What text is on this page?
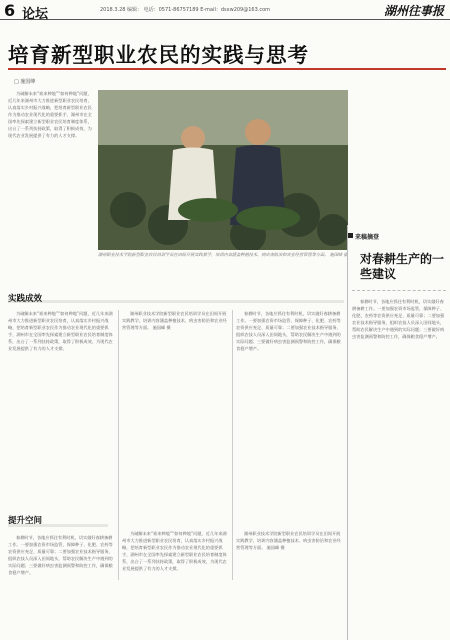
6 论坛	2018.3.28 编辑： 电话：0571-86757189 E-mail：dsxw209@163.com	湖州往事报
培育新型职业农民的实践与思考
□ 施国峰
为破解未来“谁来种地”“如何种地”问题，近几年来湖州市大力推进新型职业农民培育，认真落实乡村振兴战略，把培育新型职业农民作为推动农业现代化的重要抓手，湖州市在全国率先探索建立新型职业农民培育制度体系，出台了一系列扶持政策，取得了积极成效，为现代农业发展提供了有力的人才支撑。
湖州职业技术学院新型职业农民培训学员在田间开展实践教学，培训内容涵盖种植技术、病虫害防治和农业经营管理等方面。 施国峰 摄
实践成效
为破解未来“谁来种地”“如何种地”问题，近几年来湖州市大力推进新型职业农民培育，认真落实乡村振兴战略，把培育新型职业农民作为推动农业现代化的重要抓手，湖州市在全国率先探索建立新型职业农民培育制度体系，出台了一系列扶持政策，取得了积极成效，为现代农业发展提供了有力的人才支撑。
湖州职业技术学院新型职业农民培训学员在田间开展实践教学，培训内容涵盖种植技术、病虫害防治和农业经营管理等方面。 施国峰 摄
春耕时节，各地应抓住有利时机，切实做好春耕备耕工作。一要加强农资市场监管，保障种子、化肥、农药等农资供应充足、质量可靠；二要加强农业技术指导服务，组织农技人员深入田间地头，帮助农民解决生产中遇到的实际问题；三要做好病虫害监测预警和防控工作，确保粮食稳产增产。
提升空间
春耕时节，各地应抓住有利时机，切实做好春耕备耕工作。一要加强农资市场监管，保障种子、化肥、农药等农资供应充足、质量可靠；二要加强农业技术指导服务，组织农技人员深入田间地头，帮助农民解决生产中遇到的实际问题；三要做好病虫害监测预警和防控工作，确保粮食稳产增产。
为破解未来“谁来种地”“如何种地”问题，近几年来湖州市大力推进新型职业农民培育，认真落实乡村振兴战略，把培育新型职业农民作为推动农业现代化的重要抓手，湖州市在全国率先探索建立新型职业农民培育制度体系，出台了一系列扶持政策，取得了积极成效，为现代农业发展提供了有力的人才支撑。
湖州职业技术学院新型职业农民培训学员在田间开展实践教学，培训内容涵盖种植技术、病虫害防治和农业经营管理等方面。 施国峰 摄
来稿摘登
对春耕生产的一些建议
春耕时节，各地应抓住有利时机，切实做好春耕备耕工作。一要加强农资市场监管，保障种子、化肥、农药等农资供应充足、质量可靠；二要加强农业技术指导服务，组织农技人员深入田间地头，帮助农民解决生产中遇到的实际问题；三要做好病虫害监测预警和防控工作，确保粮食稳产增产。
